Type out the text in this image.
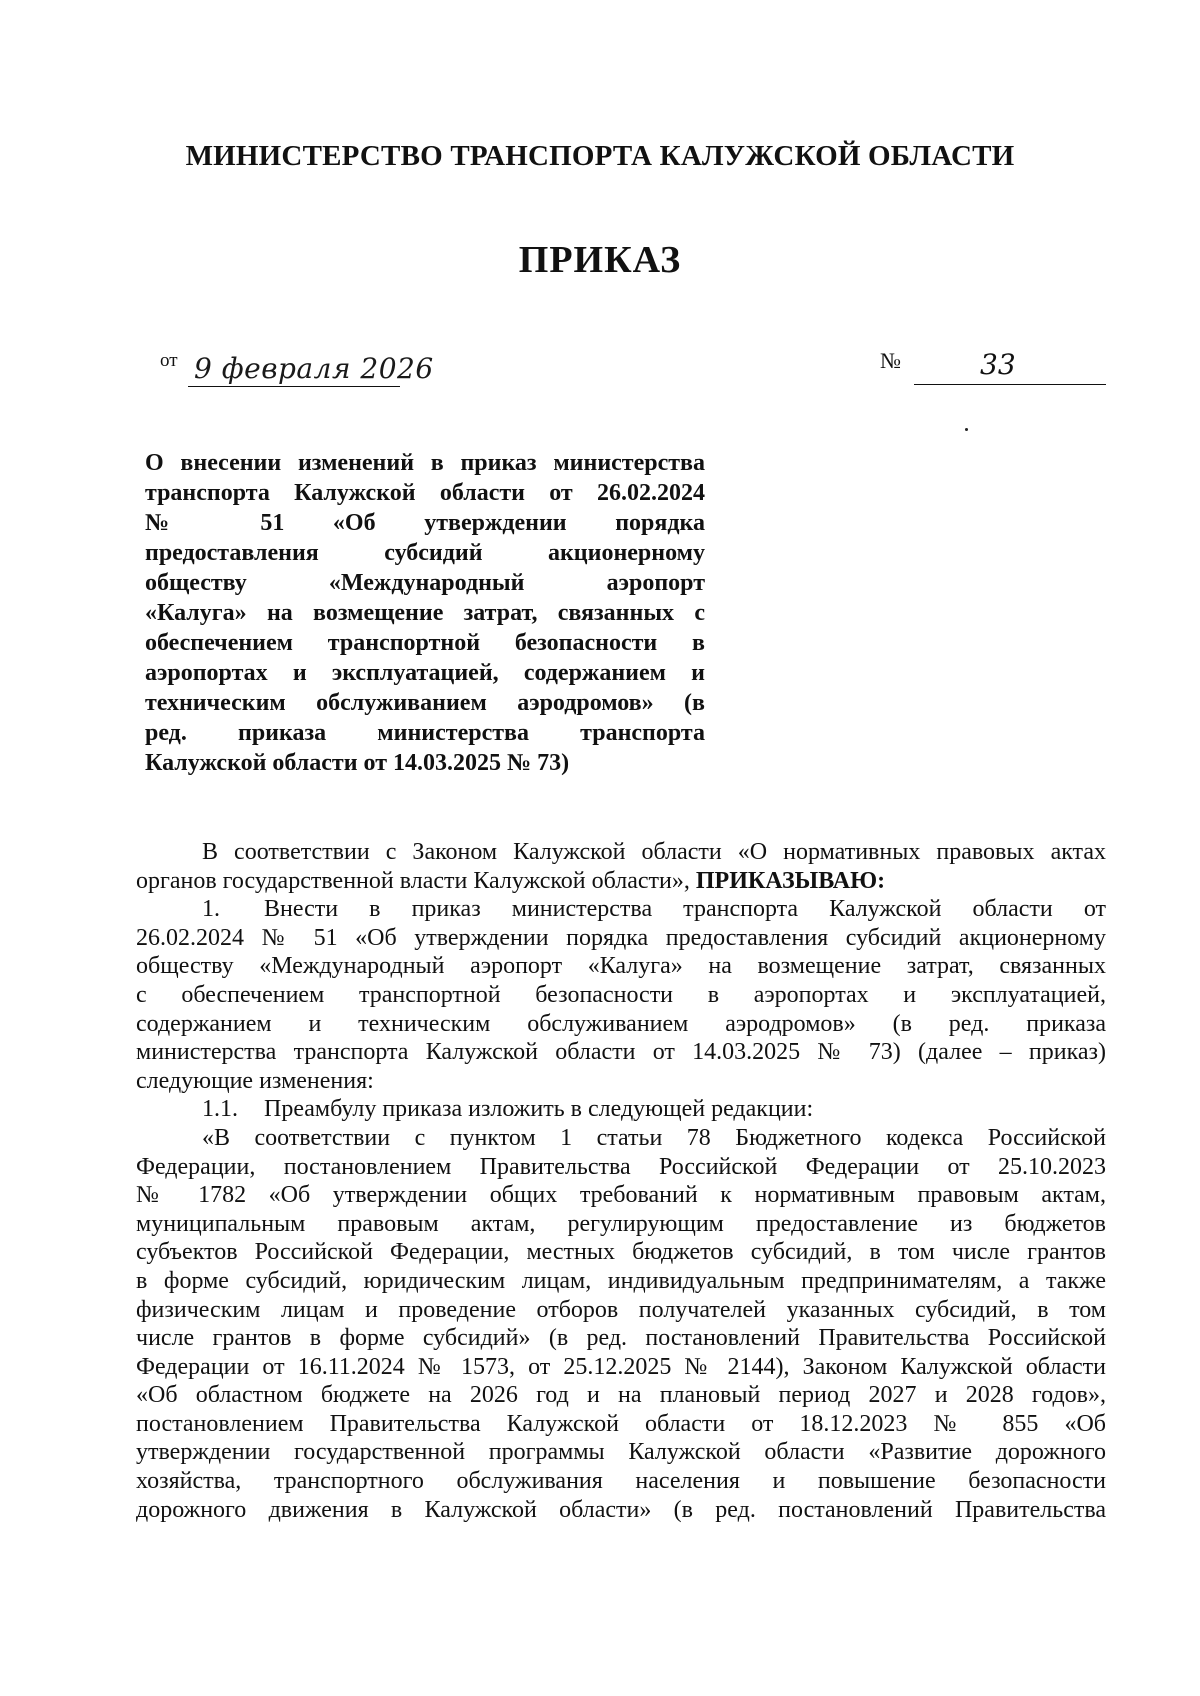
МИНИСТЕРСТВО ТРАНСПОРТА КАЛУЖСКОЙ ОБЛАСТИ
ПРИКАЗ
от 9 февраля 2026	№	33
О внесении изменений в приказ министерства
транспорта Калужской области от 26.02.2024
№ 51 «Об утверждении порядка
предоставления субсидий акционерному
обществу «Международный аэропорт
«Калуга» на возмещение затрат, связанных с
обеспечением транспортной безопасности в
аэропортах и эксплуатацией, содержанием и
техническим обслуживанием аэродромов» (в
ред. приказа министерства транспорта
Калужской области от 14.03.2025 № 73)
В соответствии с Законом Калужской области «О нормативных правовых актах
органов государственной власти Калужской области», ПРИКАЗЫВАЮ:
1. Внести в приказ министерства транспорта Калужской области от
26.02.2024 № 51 «Об утверждении порядка предоставления субсидий акционерному
обществу «Международный аэропорт «Калуга» на возмещение затрат, связанных
с обеспечением транспортной безопасности в аэропортах и эксплуатацией,
содержанием и техническим обслуживанием аэродромов» (в ред. приказа
министерства транспорта Калужской области от 14.03.2025 № 73) (далее – приказ)
следующие изменения:
1.1. Преамбулу приказа изложить в следующей редакции:
«В соответствии с пунктом 1 статьи 78 Бюджетного кодекса Российской
Федерации, постановлением Правительства Российской Федерации от 25.10.2023
№ 1782 «Об утверждении общих требований к нормативным правовым актам,
муниципальным правовым актам, регулирующим предоставление из бюджетов
субъектов Российской Федерации, местных бюджетов субсидий, в том числе грантов
в форме субсидий, юридическим лицам, индивидуальным предпринимателям, а также
физическим лицам и проведение отборов получателей указанных субсидий, в том
числе грантов в форме субсидий» (в ред. постановлений Правительства Российской
Федерации от 16.11.2024 № 1573, от 25.12.2025 № 2144), Законом Калужской области
«Об областном бюджете на 2026 год и на плановый период 2027 и 2028 годов»,
постановлением Правительства Калужской области от 18.12.2023 № 855 «Об
утверждении государственной программы Калужской области «Развитие дорожного
хозяйства, транспортного обслуживания населения и повышение безопасности
дорожного движения в Калужской области» (в ред. постановлений Правительства
